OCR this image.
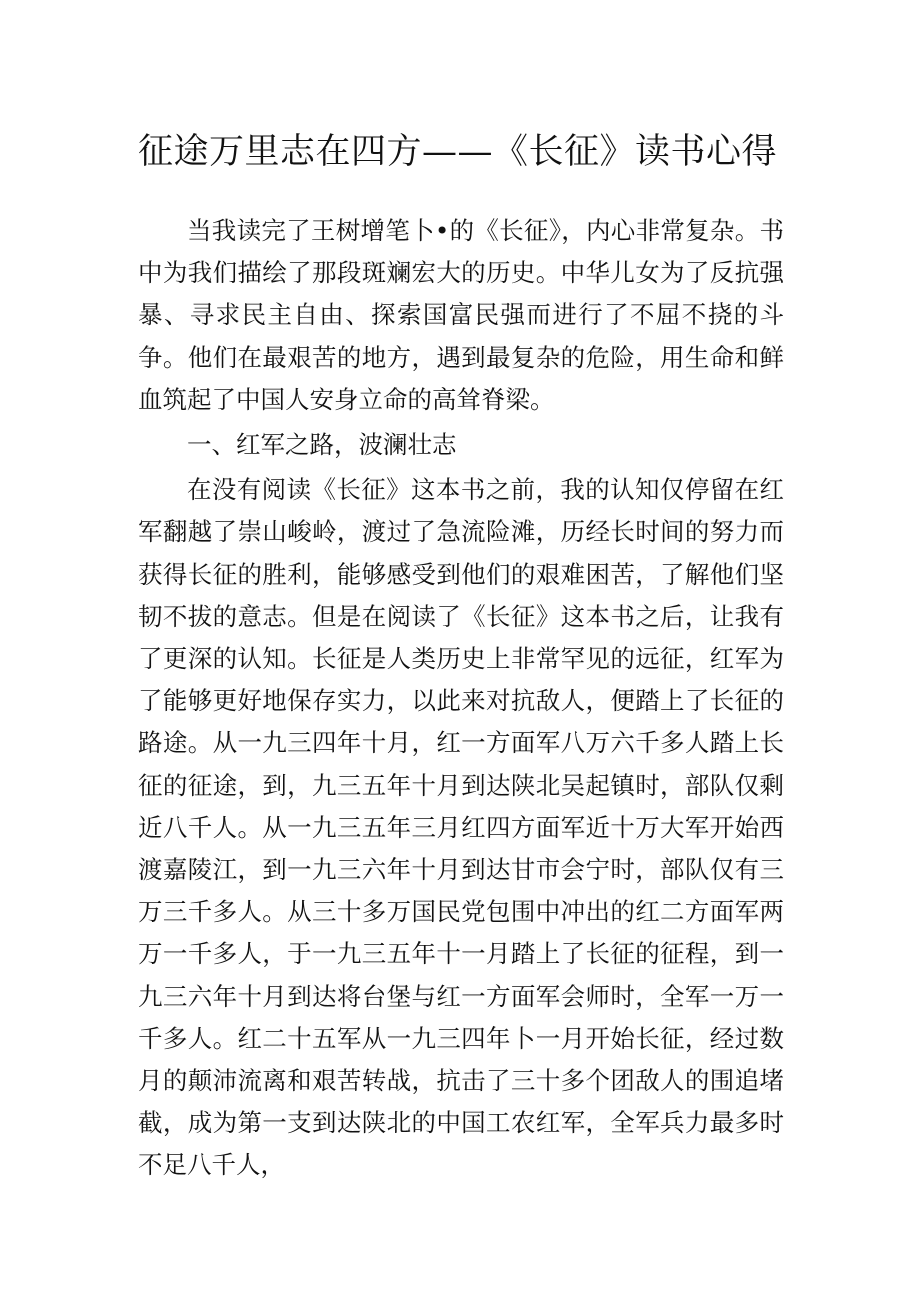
征途万里志在四方——《长征》读书心得

当我读完了王树增笔卜•的《长征》，内心非常复杂。书中为我们描绘了那段斑斓宏大的历史。中华儿女为了反抗强暴、寻求民主自由、探索国富民强而进行了不屈不挠的斗争。他们在最艰苦的地方，遇到最复杂的危险，用生命和鲜血筑起了中国人安身立命的高耸脊梁。

一、红军之路，波澜壮志

在没有阅读《长征》这本书之前，我的认知仅停留在红军翻越了崇山峻岭，渡过了急流险滩，历经长时间的努力而获得长征的胜利，能够感受到他们的艰难困苦，了解他们坚韧不拔的意志。但是在阅读了《长征》这本书之后，让我有了更深的认知。长征是人类历史上非常罕见的远征，红军为了能够更好地保存实力，以此来对抗敌人，便踏上了长征的路途。从一九三四年十月，红一方面军八万六千多人踏上长征的征途，到，九三五年十月到达陕北吴起镇时，部队仅剩近八千人。从一九三五年三月红四方面军近十万大军开始西渡嘉陵江，到一九三六年十月到达甘市会宁时，部队仅有三万三千多人。从三十多万国民党包围中冲出的红二方面军两万一千多人，于一九三五年十一月踏上了长征的征程，到一九三六年十月到达将台堡与红一方面军会师时，全军一万一千多人。红二十五军从一九三四年卜一月开始长征，经过数月的颠沛流离和艰苦转战，抗击了三十多个团敌人的围追堵截，成为第一支到达陕北的中国工农红军，全军兵力最多时不足八千人，
